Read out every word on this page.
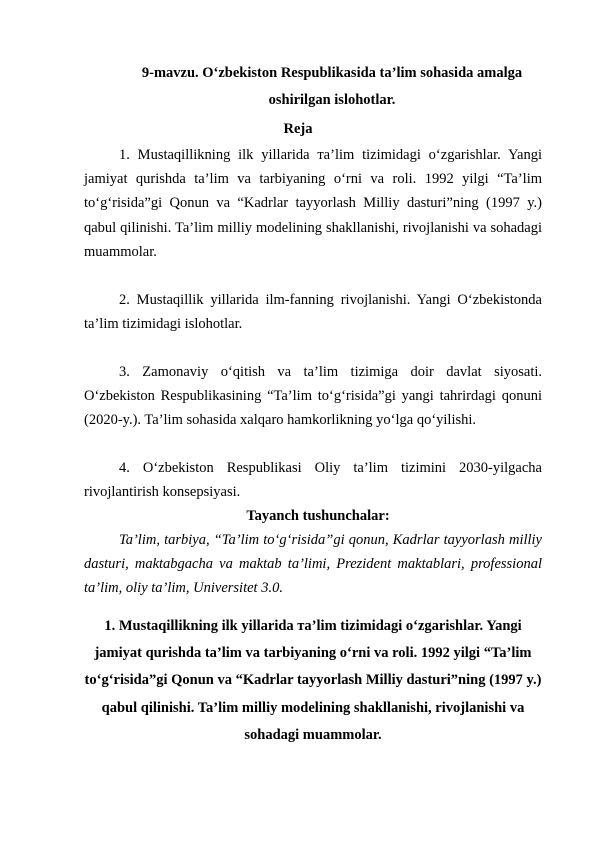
9-mavzu. O‘zbekiston Respublikasida ta’lim sohasida amalga oshirilgan islohotlar.
Reja
1. Mustaqillikning ilk yillarida тa’lim tizimidagi o‘zgarishlar. Yangi jamiyat qurishda ta’lim va tarbiyaning o‘rni va roli. 1992 yilgi “Ta’lim to‘g‘risida”gi Qonun va “Kadrlar tayyorlash Milliy dasturi”ning (1997 y.) qabul qilinishi. Ta’lim milliy modelining shakllanishi, rivojlanishi va sohadagi muammolar.
2. Mustaqillik yillarida ilm-fanning rivojlanishi. Yangi O‘zbekistonda ta’lim tizimidagi islohotlar.
3. Zamonaviy o‘qitish va ta’lim tizimiga doir davlat siyosati. O‘zbekiston Respublikasining “Ta’lim to‘g‘risida”gi yangi tahrirdagi qonuni (2020-y.). Ta’lim sohasida xalqaro hamkorlikning yo‘lga qo‘yilishi.
4. O‘zbekiston Respublikasi Oliy ta’lim tizimini 2030-yilgacha rivojlantirish konsepsiyasi.
Tayanch tushunchalar:
Ta’lim, tarbiya, “Ta’lim to‘g‘risida”gi qonun, Kadrlar tayyorlash milliy dasturi, maktabgacha va maktab ta’limi, Prezident maktablari, professional ta’lim, oliy ta’lim, Universitet 3.0.
1. Mustaqillikning ilk yillarida тa’lim tizimidagi o‘zgarishlar. Yangi jamiyat qurishda ta’lim va tarbiyaning o‘rni va roli. 1992 yilgi “Ta’lim to‘g‘risida”gi Qonun va “Kadrlar tayyorlash Milliy dasturi”ning (1997 y.) qabul qilinishi. Ta’lim milliy modelining shakllanishi, rivojlanishi va sohadagi muammolar.
